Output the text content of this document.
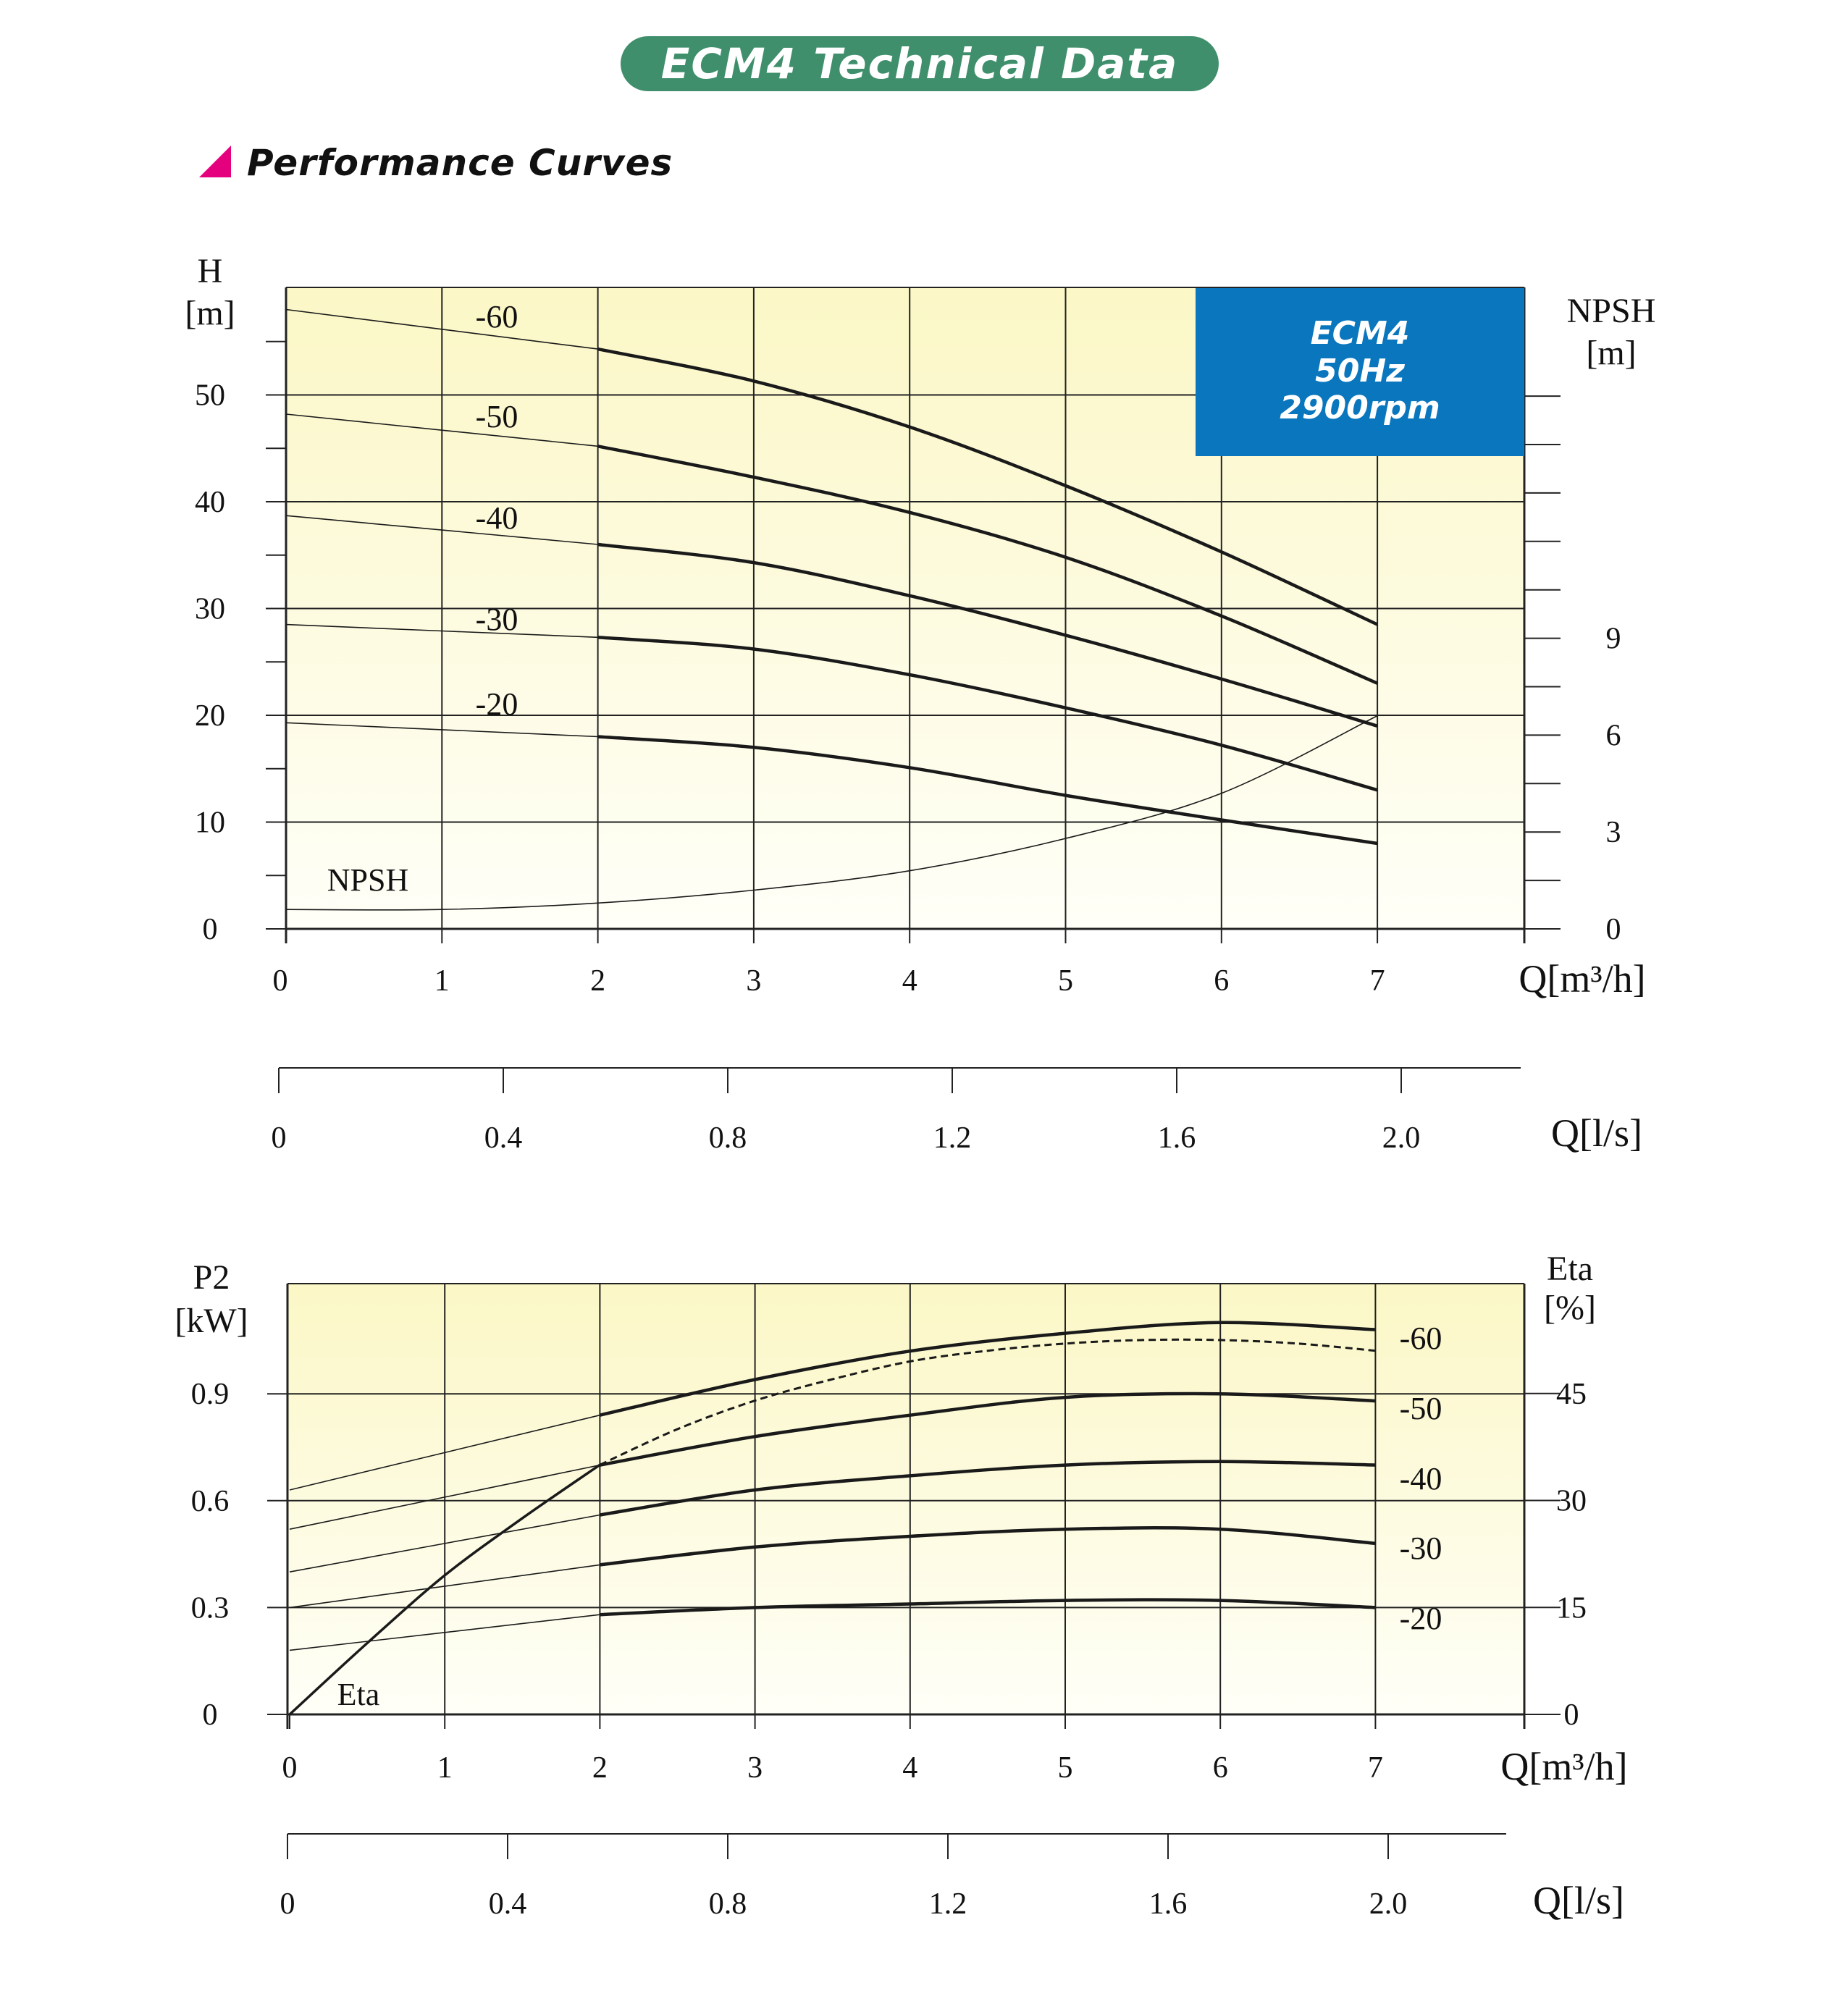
ECM4 Technical Data
Performance Curves
0
10
20
30
40
50
0
3
6
9
0	1	2	3	4	5	6	7
H
[m]	NPSH
[m]
Q[m³/h]
ECM4
50Hz
2900rpm
-60
-50
-40
-30
-20
NPSH
0	0.4	0.8	1.2	1.6	2.0	Q[l/s]
0
0.3
0.6
0.9
0
15
30
45
0	1	2	3	4	5	6	7
P2
[kW]
Eta
[%]
Q[m³/h]
-60
-50
-40
-30
-20
Eta
0	0.4	0.8	1.2	1.6	2.0	Q[l/s]
